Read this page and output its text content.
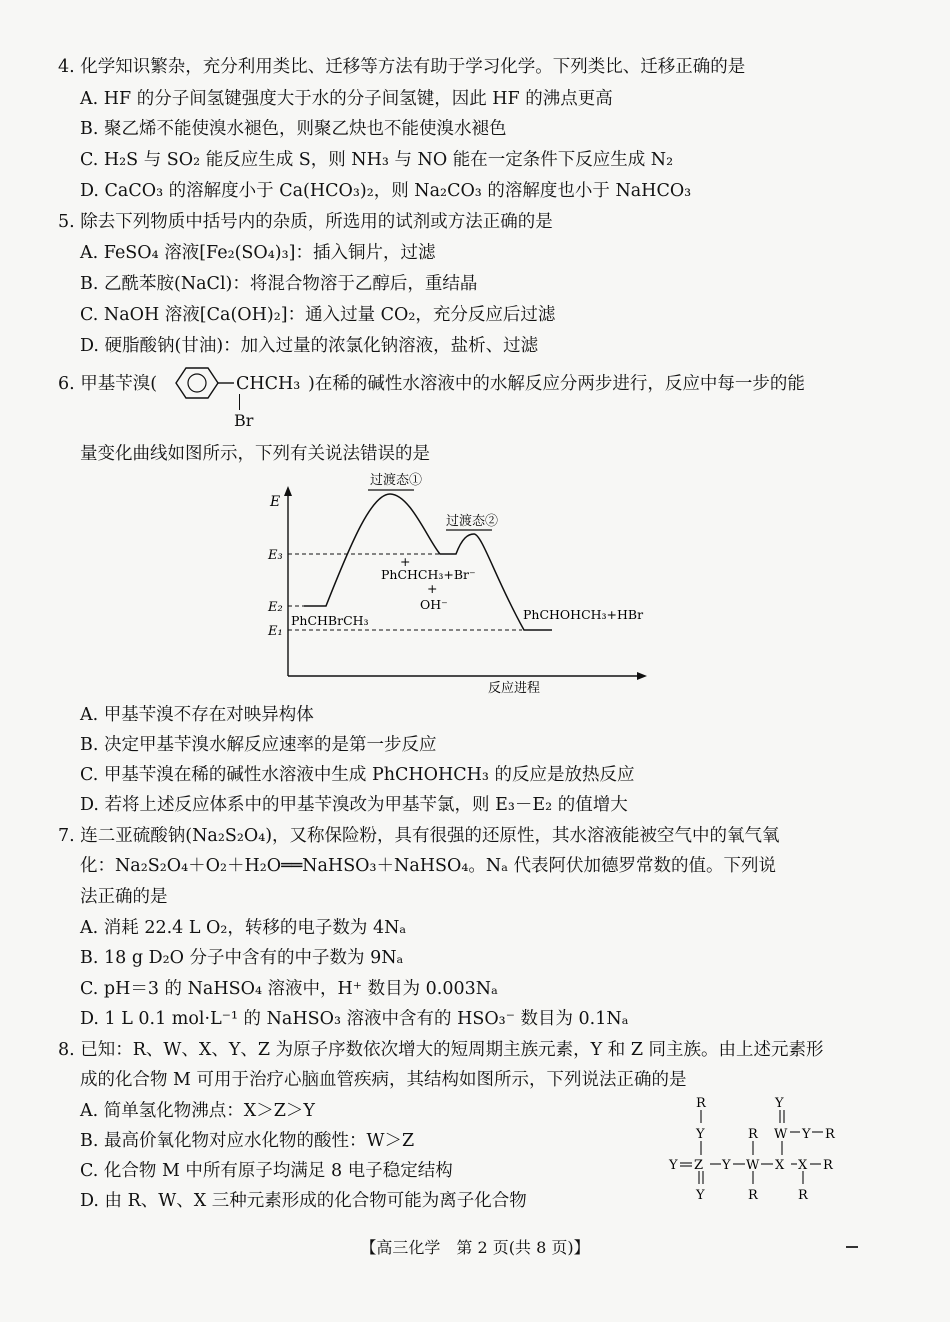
4. 化学知识繁杂，充分利用类比、迁移等方法有助于学习化学。下列类比、迁移正确的是
A. HF 的分子间氢键强度大于水的分子间氢键，因此 HF 的沸点更高
B. 聚乙烯不能使溴水褪色，则聚乙炔也不能使溴水褪色
C. H₂S 与 SO₂ 能反应生成 S，则 NH₃ 与 NO 能在一定条件下反应生成 N₂
D. CaCO₃ 的溶解度小于 Ca(HCO₃)₂，则 Na₂CO₃ 的溶解度也小于 NaHCO₃
5. 除去下列物质中括号内的杂质，所选用的试剂或方法正确的是
A. FeSO₄ 溶液[Fe₂(SO₄)₃]：插入铜片，过滤
B. 乙酰苯胺(NaCl)：将混合物溶于乙醇后，重结晶
C. NaOH 溶液[Ca(OH)₂]：通入过量 CO₂，充分反应后过滤
D. 硬脂酸钠(甘油)：加入过量的浓氯化钠溶液，盐析、过滤
6. 甲基苄溴(	CHCH₃
Br
)在稀的碱性水溶液中的水解反应分两步进行，反应中每一步的能
量变化曲线如图所示，下列有关说法错误的是
过渡态①
过渡态②
E
E₃
E₂
E₁
PhCHBrCH₃
+
PhCHCH₃+Br⁻
+
OH⁻
PhCHOHCH₃+HBr
反应进程
A. 甲基苄溴不存在对映异构体
B. 决定甲基苄溴水解反应速率的是第一步反应
C. 甲基苄溴在稀的碱性水溶液中生成 PhCHOHCH₃ 的反应是放热反应
D. 若将上述反应体系中的甲基苄溴改为甲基苄氯，则 E₃－E₂ 的值增大
7. 连二亚硫酸钠(Na₂S₂O₄)，又称保险粉，具有很强的还原性，其水溶液能被空气中的氧气氧
化：Na₂S₂O₄＋O₂＋H₂O══NaHSO₃＋NaHSO₄。Nₐ 代表阿伏加德罗常数的值。下列说
法正确的是
A. 消耗 22.4 L O₂，转移的电子数为 4Nₐ
B. 18 g D₂O 分子中含有的中子数为 9Nₐ
C. pH＝3 的 NaHSO₄ 溶液中，H⁺ 数目为 0.003Nₐ
D. 1 L 0.1 mol·L⁻¹ 的 NaHSO₃ 溶液中含有的 HSO₃⁻ 数目为 0.1Nₐ
8. 已知：R、W、X、Y、Z 为原子序数依次增大的短周期主族元素，Y 和 Z 同主族。由上述元素形
成的化合物 M 可用于治疗心脑血管疾病，其结构如图所示，下列说法正确的是
A. 简单氢化物沸点：X＞Z＞Y
B. 最高价氧化物对应水化物的酸性：W＞Z
C. 化合物 M 中所有原子均满足 8 电子稳定结构
D. 由 R、W、X 三种元素形成的化合物可能为离子化合物
R
Y
Y
R W Y R
Y Z Y W X X R
Y	R	R
【高三化学　第 2 页(共 8 页)】
